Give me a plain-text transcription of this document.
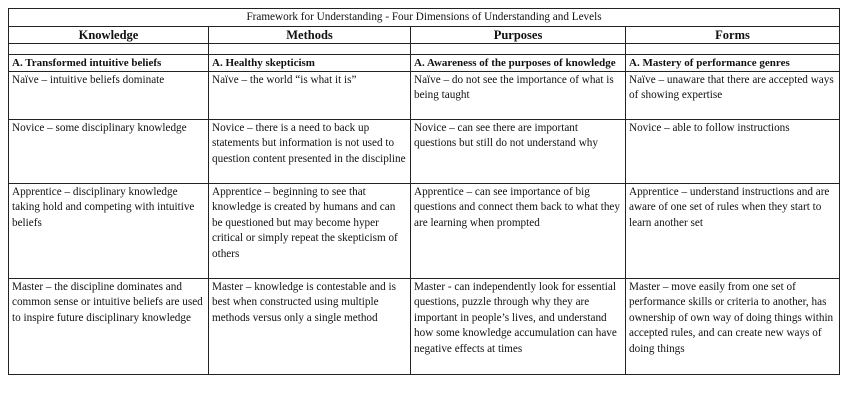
Framework for Understanding - Four Dimensions of Understanding and Levels			
Knowledge	Methods	Purposes	Forms

A. Transformed intuitive beliefs	A. Healthy skepticism	A. Awareness of the purposes of knowledge	A. Mastery of performance genres
Naïve – intuitive beliefs dominate	Naïve – the world “is what it is”	Naïve – do not see the importance of what is being taught	Naïve – unaware that there are accepted ways of showing expertise
Novice – some disciplinary knowledge	Novice – there is a need to back up statements but information is not used to question content presented in the discipline	Novice – can see there are important questions but still do not understand why	Novice – able to follow instructions
Apprentice – disciplinary knowledge taking hold and competing with intuitive beliefs	Apprentice – beginning to see that knowledge is created by humans and can be questioned but may become hyper critical or simply repeat the skepticism of others	Apprentice – can see importance of big questions and connect them back to what they are learning when prompted	Apprentice – understand instructions and are aware of one set of rules when they start to learn another set
Master – the discipline dominates and common sense or intuitive beliefs are used to inspire future disciplinary knowledge	Master – knowledge is contestable and is best when constructed using multiple methods versus only a single method	Master - can independently look for essential questions, puzzle through why they are important in people’s lives, and understand how some knowledge accumulation can have negative effects at times	Master – move easily from one set of performance skills or criteria to another, has ownership of own way of doing things within accepted rules, and can create new ways of doing things
